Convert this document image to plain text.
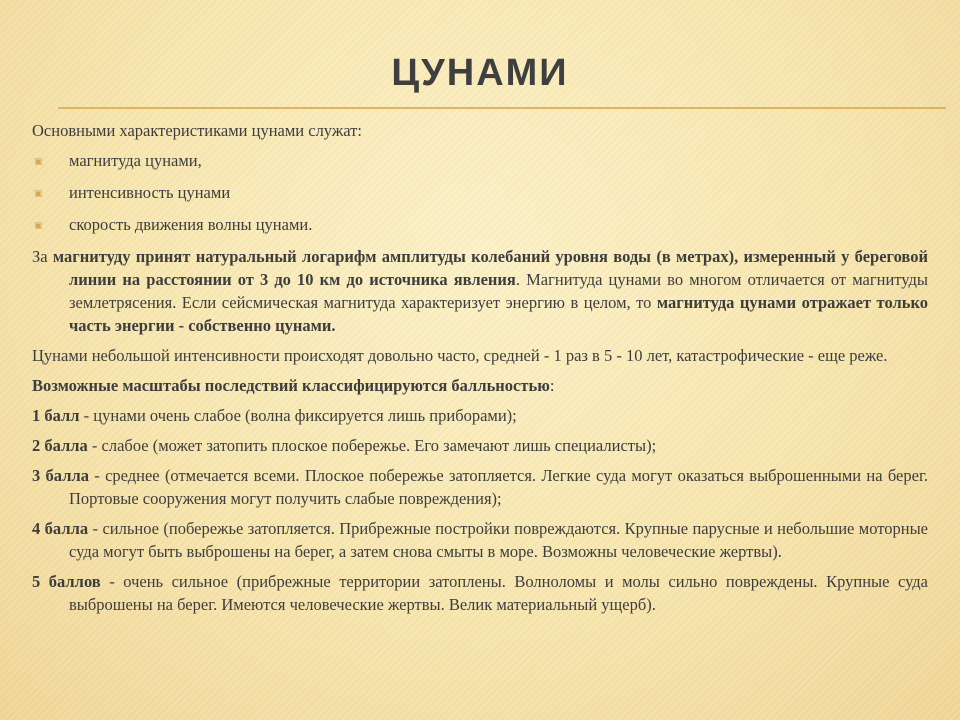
ЦУНАМИ

Основными характеристиками цунами служат:

▣ магнитуда цунами,
▣ интенсивность цунами
▣ скорость движения волны цунами.

За магнитуду принят натуральный логарифм амплитуды колебаний уровня воды (в метрах), измеренный у береговой линии на расстоянии от 3 до 10 км до источника явления. Магнитуда цунами во многом отличается от магнитуды землетрясения. Если сейсмическая магнитуда характеризует энергию в целом, то магнитуда цунами отражает только часть энергии - собственно цунами.

Цунами небольшой интенсивности происходят довольно часто, средней - 1 раз в 5 - 10 лет, катастрофические - еще реже.

Возможные масштабы последствий классифицируются балльностью:

1 балл - цунами очень слабое (волна фиксируется лишь приборами);

2 балла - слабое (может затопить плоское побережье. Его замечают лишь специалисты);

3 балла - среднее (отмечается всеми. Плоское побережье затопляется. Легкие суда могут оказаться выброшенными на берег. Портовые сооружения могут получить слабые повреждения);

4 балла - сильное (побережье затопляется. Прибрежные постройки повреждаются. Крупные парусные и небольшие моторные суда могут быть выброшены на берег, а затем снова смыты в море. Возможны человеческие жертвы).

5 баллов - очень сильное (прибрежные территории затоплены. Волноломы и молы сильно повреждены. Крупные суда выброшены на берег. Имеются человеческие жертвы. Велик материальный ущерб).
